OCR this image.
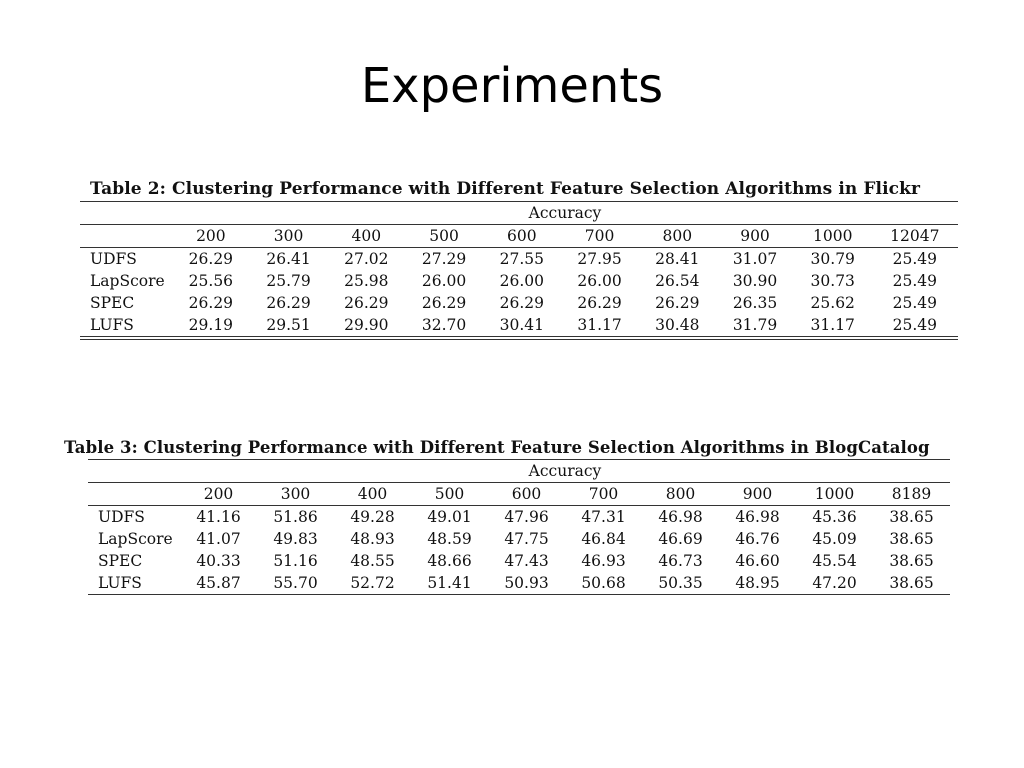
Experiments
Table 2: Clustering Performance with Different Feature Selection Algorithms in Flickr
	Accuracy									
	200	300	400	500	600	700	800	900	1000	12047
UDFS	26.29	26.41	27.02	27.29	27.55	27.95	28.41	31.07	30.79	25.49
LapScore	25.56	25.79	25.98	26.00	26.00	26.00	26.54	30.90	30.73	25.49
SPEC	26.29	26.29	26.29	26.29	26.29	26.29	26.29	26.35	25.62	25.49
LUFS	29.19	29.51	29.90	32.70	30.41	31.17	30.48	31.79	31.17	25.49
Table 3: Clustering Performance with Different Feature Selection Algorithms in BlogCatalog
	Accuracy									
	200	300	400	500	600	700	800	900	1000	8189
UDFS	41.16	51.86	49.28	49.01	47.96	47.31	46.98	46.98	45.36	38.65
LapScore	41.07	49.83	48.93	48.59	47.75	46.84	46.69	46.76	45.09	38.65
SPEC	40.33	51.16	48.55	48.66	47.43	46.93	46.73	46.60	45.54	38.65
LUFS	45.87	55.70	52.72	51.41	50.93	50.68	50.35	48.95	47.20	38.65
